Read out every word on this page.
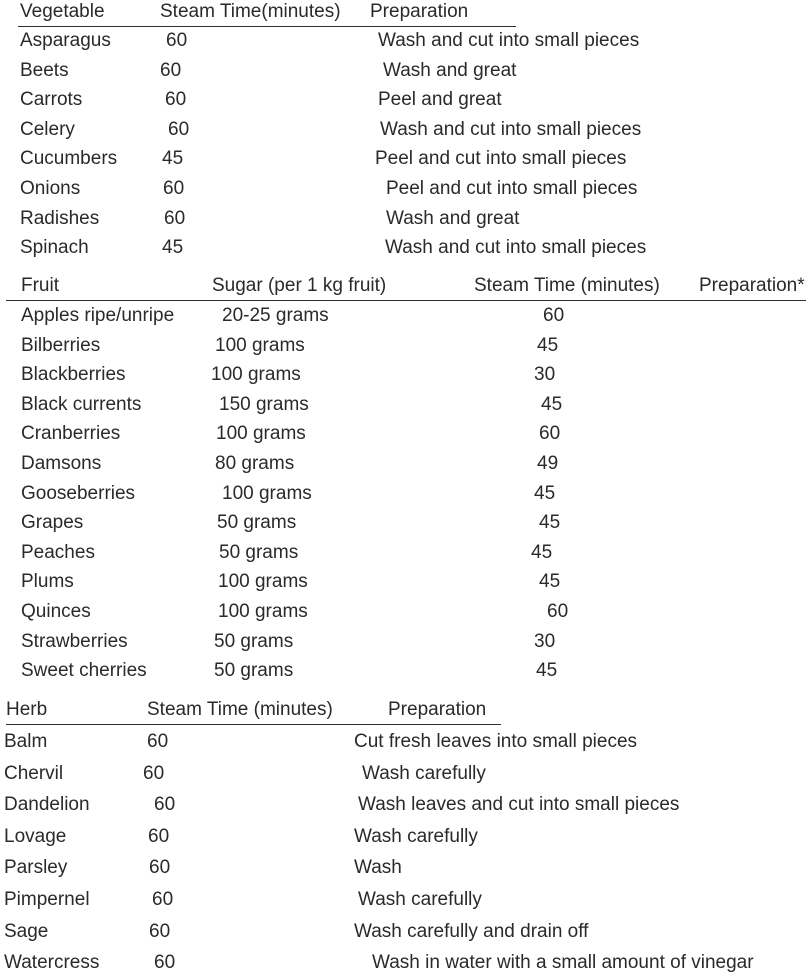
Vegetable	Steam Time(minutes) Preparation
Asparagus	60	Wash and cut into small pieces
Beets	60	Wash and great
Carrots	60	Peel and great
Celery	60	Wash and cut into small pieces
Cucumbers 45	Peel and cut into small pieces
Onions	60	Peel and cut into small pieces
Radishes	60	Wash and great
Spinach	45	Wash and cut into small pieces
Fruit	Sugar (per 1 kg fruit)	Steam Time (minutes) Preparation*
Apples ripe/unripe	20-25 grams	60
Bilberries	100 grams	45
Blackberries	100 grams	30
Black currents	150 grams	45
Cranberries	100 grams	60
Damsons	80 grams	49
Gooseberries	100 grams	45
Grapes	50 grams	45
Peaches	50 grams	45
Plums	100 grams	45
Quinces	100 grams	60
Strawberries	50 grams	30
Sweet cherries	50 grams	45
Herb	Steam Time (minutes)	Preparation
Balm	60	Cut fresh leaves into small pieces
Chervil	60	Wash carefully
Dandelion	60	Wash leaves and cut into small pieces
Lovage	60	Wash carefully
Parsley	60	Wash
Pimpernel	60	Wash carefully
Sage	60	Wash carefully and drain off
Watercress	60	Wash in water with a small amount of vinegar
